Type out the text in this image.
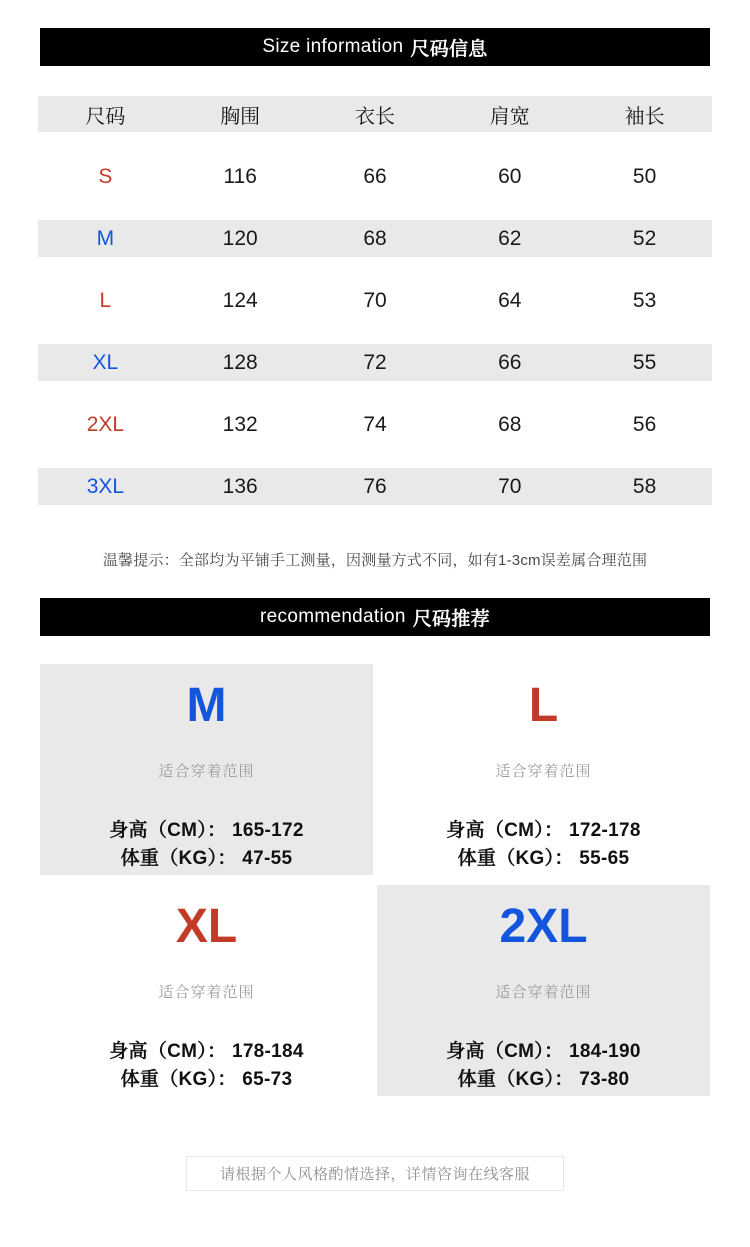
Size information 尺码信息
尺码	胸围	衣长	肩宽	袖长
S	116	66	60	50
M	120	68	62	52
L	124	70	64	53
XL	128	72	66	55
2XL	132	74	68	56
3XL	136	76	70	58
温馨提示：全部均为平铺手工测量，因测量方式不同，如有1-3cm误差属合理范围
recommendation 尺码推荐
M
适合穿着范围
身高（CM）： 165-172
体重（KG）： 47-55
L
适合穿着范围
身高（CM）： 172-178
体重（KG）： 55-65
XL
适合穿着范围
身高（CM）： 178-184
体重（KG）： 65-73
2XL
适合穿着范围
身高（CM）： 184-190
体重（KG）： 73-80
请根据个人风格酌情选择，详情咨询在线客服
